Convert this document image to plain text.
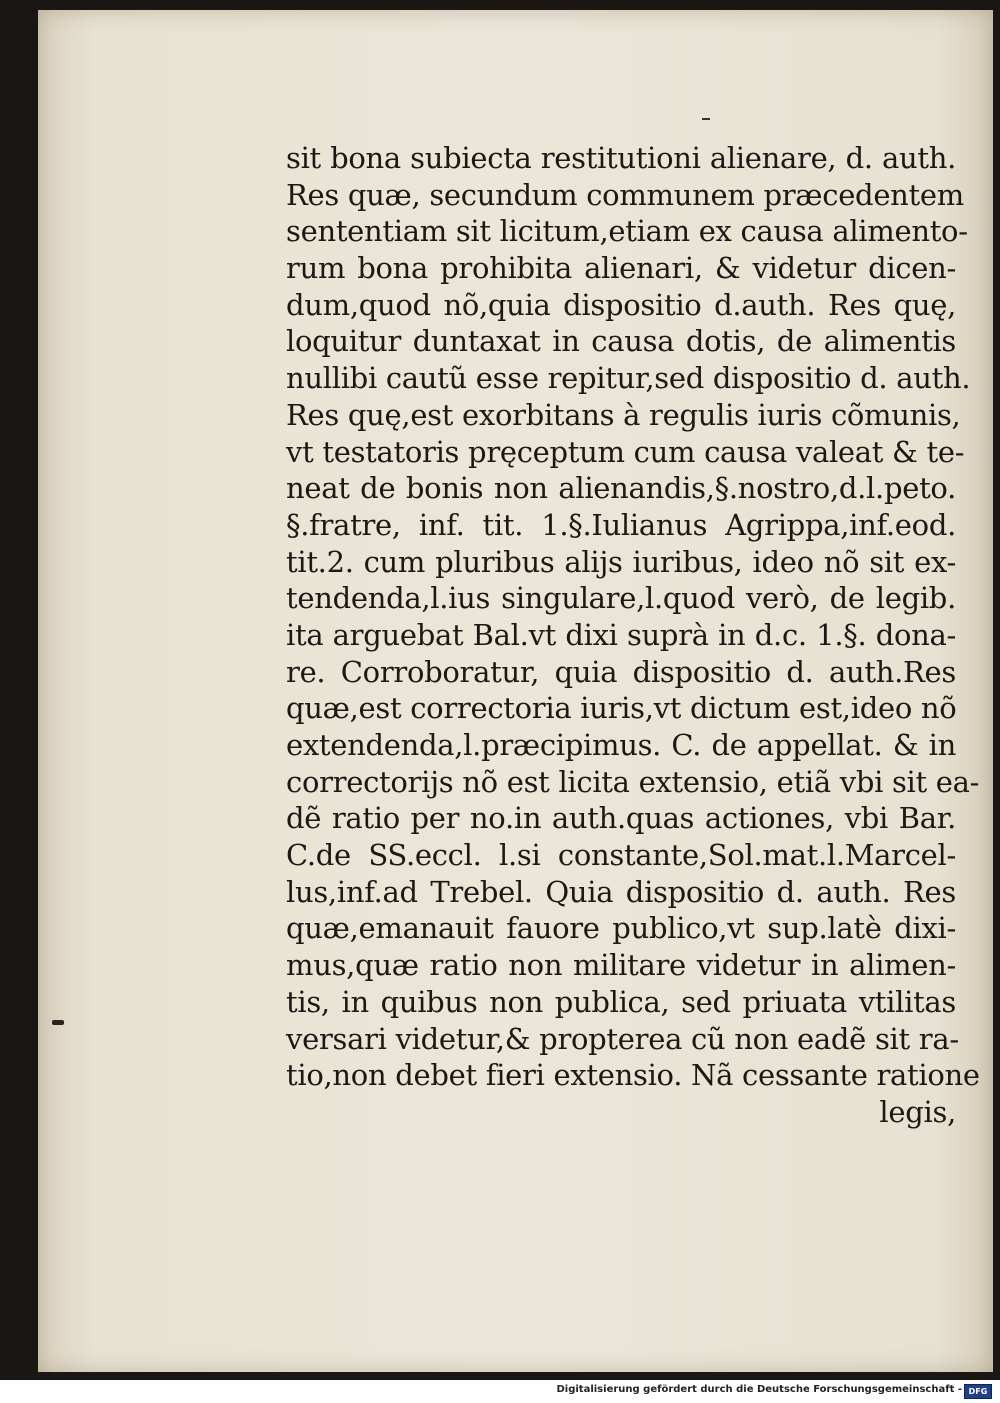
sit bona subiecta restitutioni alienare, d. auth.
Res quæ, secundum communem præcedentem
sententiam sit licitum,etiam ex causa alimento-
rum bona prohibita alienari, & videtur dicen-
dum,quod nõ,quia dispositio d.auth. Res quę,
loquitur duntaxat in causa dotis, de alimentis
nullibi cautũ esse repitur,sed dispositio d. auth.
Res quę,est exorbitans à regulis iuris cõmunis,
vt testatoris pręceptum cum causa valeat & te-
neat de bonis non alienandis,§.nostro,d.l.peto.
§.fratre, inf. tit. 1.§.Iulianus Agrippa,inf.eod.
tit.2. cum pluribus alijs iuribus, ideo nõ sit ex-
tendenda,l.ius singulare,l.quod verò, de legib.
ita arguebat Bal.vt dixi suprà in d.c. 1.§. dona-
re. Corroboratur, quia dispositio d. auth.Res
quæ,est correctoria iuris,vt dictum est,ideo nõ
extendenda,l.præcipimus. C. de appellat. & in
correctorijs nõ est licita extensio, etiã vbi sit ea-
dẽ ratio per no.in auth.quas actiones, vbi Bar.
C.de SS.eccl. l.si constante,Sol.mat.l.Marcel-
lus,inf.ad Trebel. Quia dispositio d. auth. Res
quæ,emanauit fauore publico,vt sup.latè dixi-
mus,quæ ratio non militare videtur in alimen-
tis, in quibus non publica, sed priuata vtilitas
versari videtur,& propterea cũ non eadẽ sit ra-
tio,non debet fieri extensio. Nã cessante ratione
legis,
Digitalisierung gefördert durch die Deutsche Forschungsgemeinschaft - DFG
